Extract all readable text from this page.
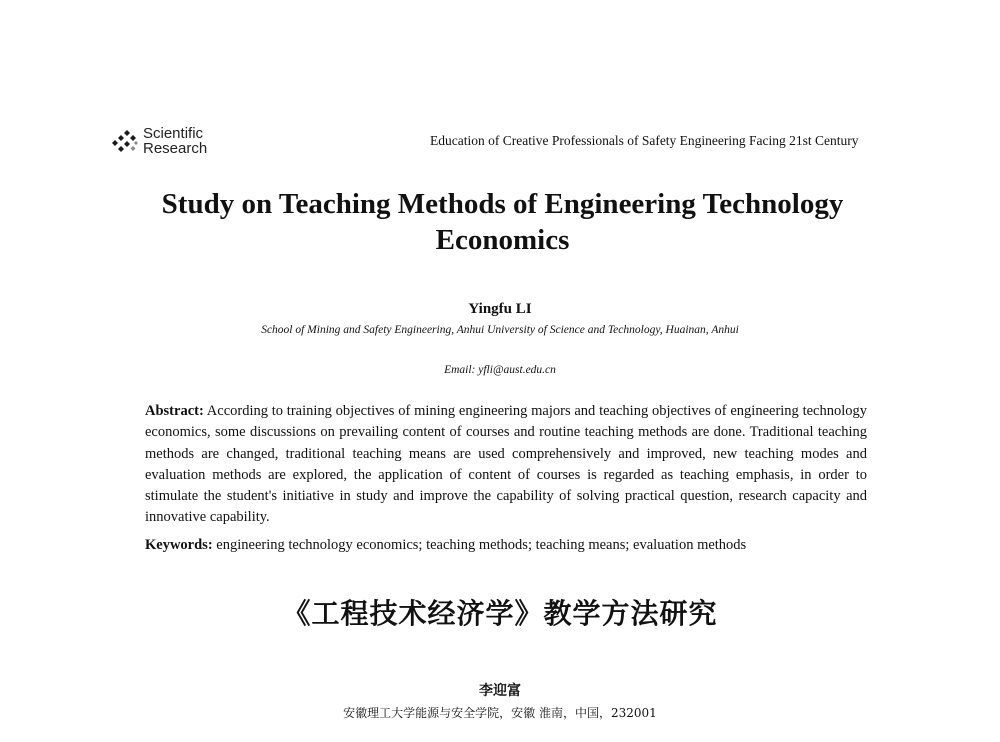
Scientific
Research	Education of Creative Professionals of Safety Engineering Facing 21st Century
Study on Teaching Methods of Engineering Technology Economics
Yingfu LI
School of Mining and Safety Engineering, Anhui University of Science and Technology, Huainan, Anhui
Email: yfli@aust.edu.cn

Abstract: According to training objectives of mining engineering majors and teaching objectives of engineering technology economics, some discussions on prevailing content of courses and routine teaching methods are done. Traditional teaching methods are changed, traditional teaching means are used comprehensively and improved, new teaching modes and evaluation methods are explored, the application of content of courses is regarded as teaching emphasis, in order to stimulate the student's initiative in study and improve the capability of solving practical question, research capacity and innovative capability.

Keywords: engineering technology economics; teaching methods; teaching means; evaluation methods

《工程技术经济学》教学方法研究
李迎富
安徽理工大学能源与安全学院，安徽 淮南，中国，232001
